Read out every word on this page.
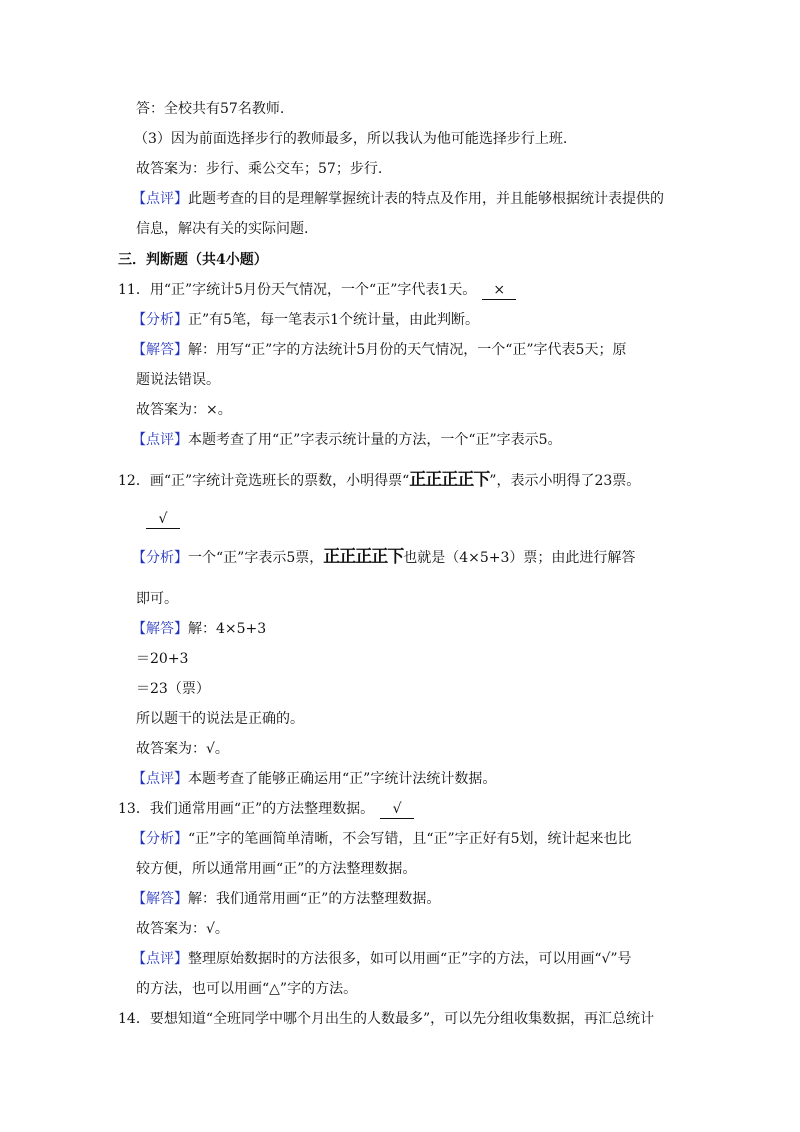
答：全校共有57名教师.
（3）因为前面选择步行的教师最多，所以我认为他可能选择步行上班.
故答案为：步行、乘公交车；57；步行.
【点评】此题考查的目的是理解掌握统计表的特点及作用，并且能够根据统计表提供的
信息，解决有关的实际问题.
三．判断题（共4小题）
11．用“正”字统计5月份天气情况，一个“正”字代表1天。 ×
【分析】正”有5笔，每一笔表示1个统计量，由此判断。
【解答】解：用写“正”字的方法统计5月份的天气情况，一个“正”字代表5天；原
题说法错误。
故答案为：×。
【点评】本题考查了用“正”字表示统计量的方法，一个“正”字表示5。
12．画“正”字统计竞选班长的票数，小明得票“正正正正下”，表示小明得了23票。
√
【分析】一个“正”字表示5票，正正正正下也就是（4×5+3）票；由此进行解答
即可。
【解答】解：4×5+3
＝20+3
＝23（票）
所以题干的说法是正确的。
故答案为：√。
【点评】本题考查了能够正确运用“正”字统计法统计数据。
13．我们通常用画“正”的方法整理数据。 √
【分析】“正”字的笔画简单清晰，不会写错，且“正”字正好有5划，统计起来也比
较方便，所以通常用画“正”的方法整理数据。
【解答】解：我们通常用画“正”的方法整理数据。
故答案为：√。
【点评】整理原始数据时的方法很多，如可以用画“正”字的方法，可以用画“√”号
的方法，也可以用画“△”字的方法。
14．要想知道“全班同学中哪个月出生的人数最多”，可以先分组收集数据，再汇总统计
